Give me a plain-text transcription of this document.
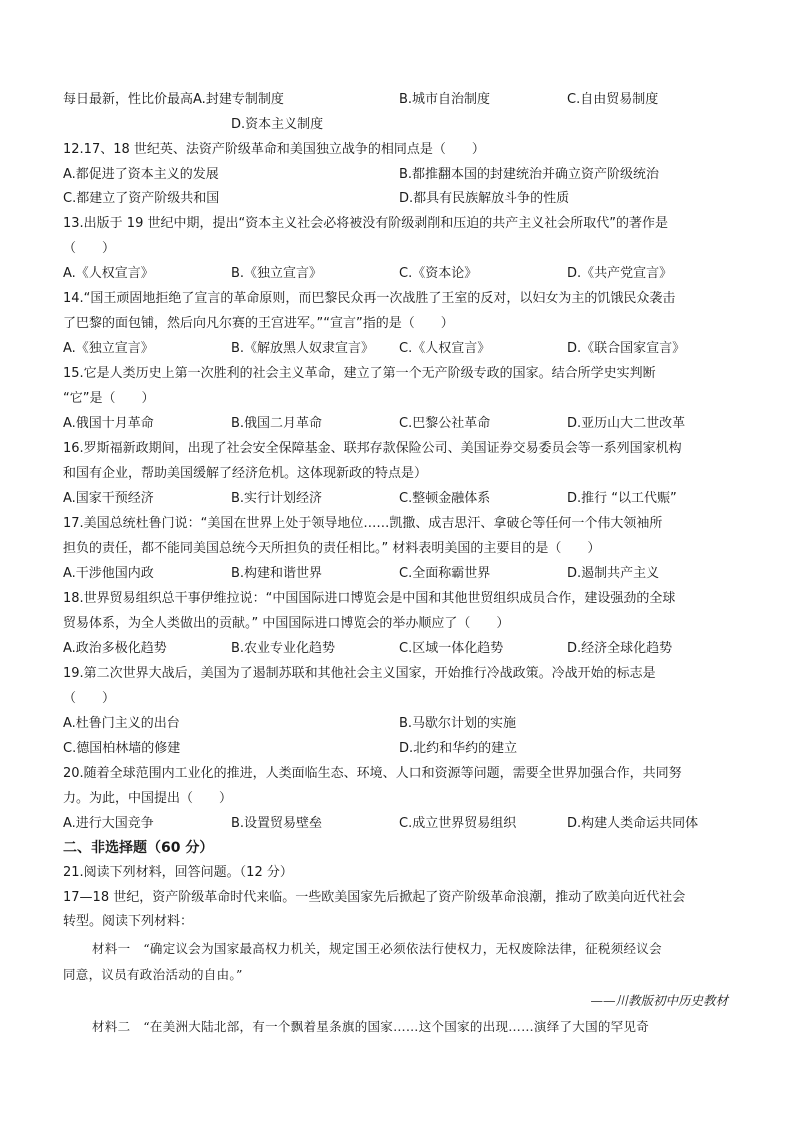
每日最新，性比价最高A.封建专制制度	B.城市自治制度	C.自由贸易制度
D.资本主义制度
12.17、18 世纪英、法资产阶级革命和美国独立战争的相同点是（　　）
A.都促进了资本主义的发展	B.都推翻本国的封建统治并确立资产阶级统治
C.都建立了资产阶级共和国	D.都具有民族解放斗争的性质
13.出版于 19 世纪中期，提出“资本主义社会必将被没有阶级剥削和压迫的共产主义社会所取代”的著作是
（　　）
A.《人权宣言》	B.《独立宣言》	C.《资本论》	D.《共产党宣言》
14.“国王顽固地拒绝了宣言的革命原则，而巴黎民众再一次战胜了王室的反对，以妇女为主的饥饿民众袭击
了巴黎的面包铺，然后向凡尔赛的王宫进军。”“宣言”指的是（　　）
A.《独立宣言》	B.《解放黑人奴隶宣言》 C.《人权宣言》	D.《联合国家宣言》
15.它是人类历史上第一次胜利的社会主义革命，建立了第一个无产阶级专政的国家。结合所学史实判断
“它”是（　　）
A.俄国十月革命	B.俄国二月革命	C.巴黎公社革命	D.亚历山大二世改革
16.罗斯福新政期间，出现了社会安全保障基金、联邦存款保险公司、美国证券交易委员会等一系列国家机构
和国有企业，帮助美国缓解了经济危机。这体现新政的特点是）
A.国家干预经济	B.实行计划经济	C.整顿金融体系	D.推行 “以工代赈”
17.美国总统杜鲁门说：“美国在世界上处于领导地位……凯撒、成吉思汗、拿破仑等任何一个伟大领袖所
担负的责任，都不能同美国总统今天所担负的责任相比。” 材料表明美国的主要目的是（　　）
A.干涉他国内政	B.构建和谐世界	C.全面称霸世界	D.遏制共产主义
18.世界贸易组织总干事伊维拉说：“中国国际进口博览会是中国和其他世贸组织成员合作，建设强劲的全球
贸易体系，为全人类做出的贡献。” 中国国际进口博览会的举办顺应了（　　）
A.政治多极化趋势	B.农业专业化趋势	C.区域一体化趋势	D.经济全球化趋势
19.第二次世界大战后，美国为了遏制苏联和其他社会主义国家，开始推行冷战政策。冷战开始的标志是
（　　）
A.杜鲁门主义的出台	B.马歇尔计划的实施
C.德国柏林墙的修建	D.北约和华约的建立
20.随着全球范围内工业化的推进，人类面临生态、环境、人口和资源等问题，需要全世界加强合作，共同努
力。为此，中国提出（　　）
A.进行大国竞争	B.设置贸易壁垒	C.成立世界贸易组织	D.构建人类命运共同体
二、非选择题（60 分）
21.阅读下列材料，回答问题。（12 分）
17—18 世纪，资产阶级革命时代来临。一些欧美国家先后掀起了资产阶级革命浪潮，推动了欧美向近代社会
转型。阅读下列材料：
材料一　“确定议会为国家最高权力机关，规定国王必须依法行使权力，无权废除法律，征税须经议会
同意，议员有政治活动的自由。”
——川教版初中历史教材
材料二　“在美洲大陆北部，有一个飘着星条旗的国家……这个国家的出现……演绎了大国的罕见奇
